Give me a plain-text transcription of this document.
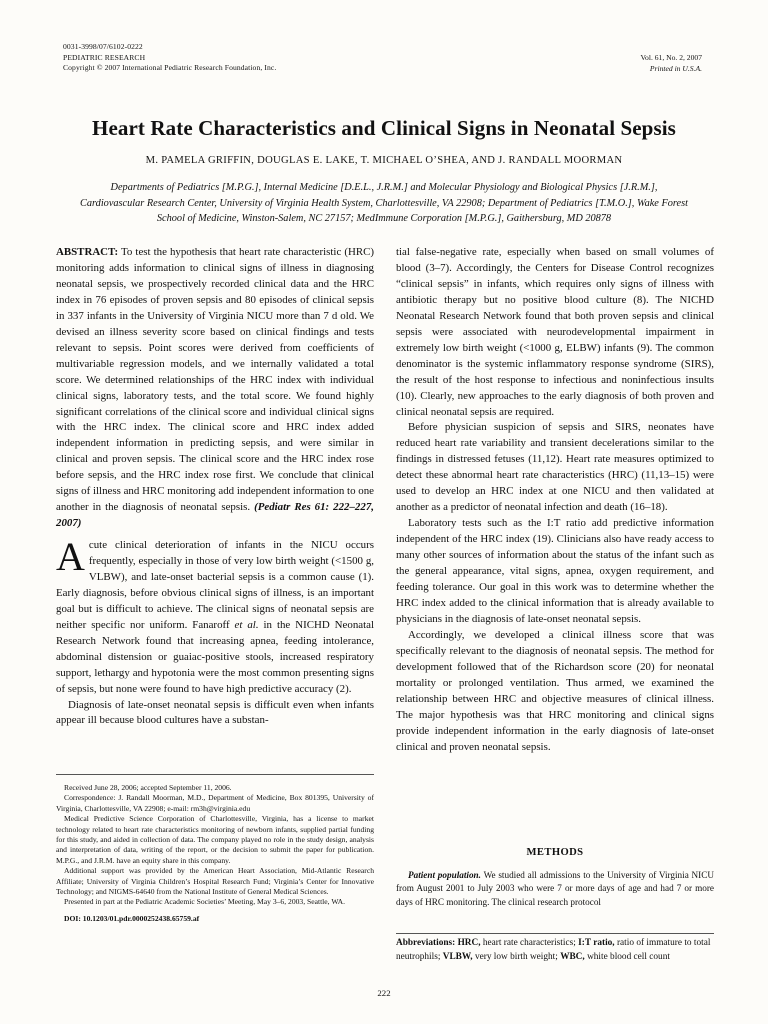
0031-3998/07/6102-0222
PEDIATRIC RESEARCH
Copyright © 2007 International Pediatric Research Foundation, Inc.
Vol. 61, No. 2, 2007
Printed in U.S.A.
Heart Rate Characteristics and Clinical Signs in Neonatal Sepsis
M. PAMELA GRIFFIN, DOUGLAS E. LAKE, T. MICHAEL O’SHEA, AND J. RANDALL MOORMAN
Departments of Pediatrics [M.P.G.], Internal Medicine [D.E.L., J.R.M.] and Molecular Physiology and Biological Physics [J.R.M.], Cardiovascular Research Center, University of Virginia Health System, Charlottesville, VA 22908; Department of Pediatrics [T.M.O.], Wake Forest School of Medicine, Winston-Salem, NC 27157; MedImmune Corporation [M.P.G.], Gaithersburg, MD 20878

ABSTRACT: To test the hypothesis that heart rate characteristic (HRC) monitoring adds information to clinical signs of illness in diagnosing neonatal sepsis, we prospectively recorded clinical data and the HRC index in 76 episodes of proven sepsis and 80 episodes of clinical sepsis in 337 infants in the University of Virginia NICU more than 7 d old. We devised an illness severity score based on clinical findings and tests relevant to sepsis. Point scores were derived from coefficients of multivariable regression models, and we internally validated a total score. We determined relationships of the HRC index with individual clinical signs, laboratory tests, and the total score. We found highly significant correlations of the clinical score and individual clinical signs with the HRC index. The clinical score and HRC index added independent information in predicting sepsis, and were similar in clinical and proven sepsis. The clinical score and the HRC index rose before sepsis, and the HRC index rose first. We conclude that clinical signs of illness and HRC monitoring add independent information to one another in the diagnosis of neonatal sepsis. (Pediatr Res 61: 222–227, 2007)

Acute clinical deterioration of infants in the NICU occurs frequently, especially in those of very low birth weight (<1500 g, VLBW), and late-onset bacterial sepsis is a common cause (1). Early diagnosis, before obvious clinical signs of illness, is an important goal but is difficult to achieve. The clinical signs of neonatal sepsis are neither specific nor uniform. Fanaroff et al. in the NICHD Neonatal Research Network found that increasing apnea, feeding intolerance, abdominal distension or guaiac-positive stools, increased respiratory support, lethargy and hypotonia were the most common presenting signs of sepsis, but none were found to have high predictive accuracy (2).

Diagnosis of late-onset neonatal sepsis is difficult even when infants appear ill because blood cultures have a substan-

Received June 28, 2006; accepted September 11, 2006.

Correspondence: J. Randall Moorman, M.D., Department of Medicine, Box 801395, University of Virginia, Charlottesville, VA 22908; e-mail: rm3h@virginia.edu

Medical Predictive Science Corporation of Charlottesville, Virginia, has a license to market technology related to heart rate characteristics monitoring of newborn infants, supplied partial funding for this study, and aided in collection of data. The company played no role in the study design, analysis and interpretation of data, writing of the report, or the decision to submit the paper for publication. M.P.G., and J.R.M. have an equity share in this company.

Additional support was provided by the American Heart Association, Mid-Atlantic Research Affiliate; University of Virginia Children’s Hospital Research Fund; Virginia’s Center for Innovative Technology; and NIGMS-64640 from the National Institute of General Medical Sciences.

Presented in part at the Pediatric Academic Societies’ Meeting, May 3–6, 2003, Seattle, WA.

DOI: 10.1203/01.pdr.0000252438.65759.af

tial false-negative rate, especially when based on small volumes of blood (3–7). Accordingly, the Centers for Disease Control recognizes “clinical sepsis” in infants, which requires only signs of illness with antibiotic therapy but no positive blood culture (8). The NICHD Neonatal Research Network found that both proven sepsis and clinical sepsis were associated with neurodevelopmental impairment in extremely low birth weight (<1000 g, ELBW) infants (9). The common denominator is the systemic inflammatory response syndrome (SIRS), the result of the host response to infectious and noninfectious insults (10). Clearly, new approaches to the early diagnosis of both proven and clinical neonatal sepsis are required.

Before physician suspicion of sepsis and SIRS, neonates have reduced heart rate variability and transient decelerations similar to the findings in distressed fetuses (11,12). Heart rate measures optimized to detect these abnormal heart rate characteristics (HRC) (11,13–15) were used to develop an HRC index at one NICU and then validated at another as a predictor of neonatal infection and death (16–18).

Laboratory tests such as the I:T ratio add predictive information independent of the HRC index (19). Clinicians also have ready access to many other sources of information about the status of the infant such as the general appearance, vital signs, apnea, oxygen requirement, and feeding tolerance. Our goal in this work was to determine whether the HRC index added to the clinical information that is already available to physicians in the diagnosis of late-onset neonatal sepsis.

Accordingly, we developed a clinical illness score that was specifically relevant to the diagnosis of neonatal sepsis. The method for development followed that of the Richardson score (20) for neonatal mortality or prolonged ventilation. Thus armed, we examined the relationship between HRC and objective measures of clinical illness. The major hypothesis was that HRC monitoring and clinical signs provide independent information in the early diagnosis of late-onset clinical and proven neonatal sepsis.

METHODS
Patient population. We studied all admissions to the University of Virginia NICU from August 2001 to July 2003 who were 7 or more days of age and had 7 or more days of HRC monitoring. The clinical research protocol
Abbreviations: HRC, heart rate characteristics; I:T ratio, ratio of immature to total neutrophils; VLBW, very low birth weight; WBC, white blood cell count
222
